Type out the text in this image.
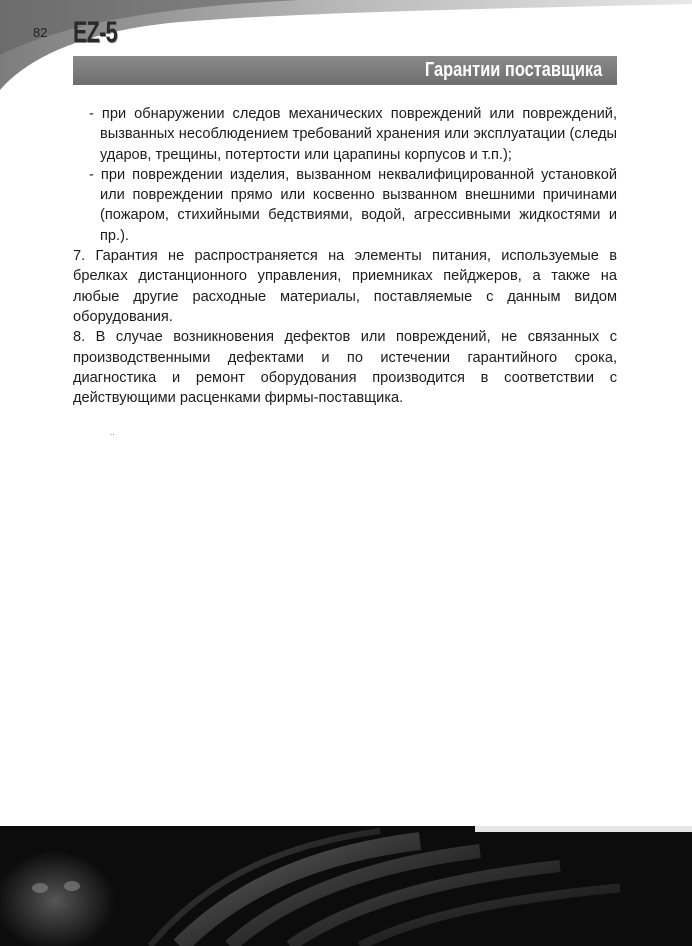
82 EZ-5
Гарантии поставщика

- при обнаружении следов механических повреждений или повреждений, вызванных несоблюдением требований хранения или эксплуатации (следы ударов, трещины, потертости или царапины корпусов и т.п.);

- при повреждении изделия, вызванном неквалифицированной установкой или повреждении прямо или косвенно вызванном внешними причинами (пожаром, стихийными бедствиями, водой, агрессивными жидкостями и пр.).

7. Гарантия не распространяется на элементы питания, используемые в брелках дистанционного управления, приемниках пейджеров, а также на любые другие расходные материалы, поставляемые с данным видом оборудования.

8. В случае возникновения дефектов или повреждений, не связанных с производственными дефектами и по истечении гарантийного срока, диагностика и ремонт оборудования производится в соответствии с действующими расценками фирмы-поставщика.

..
